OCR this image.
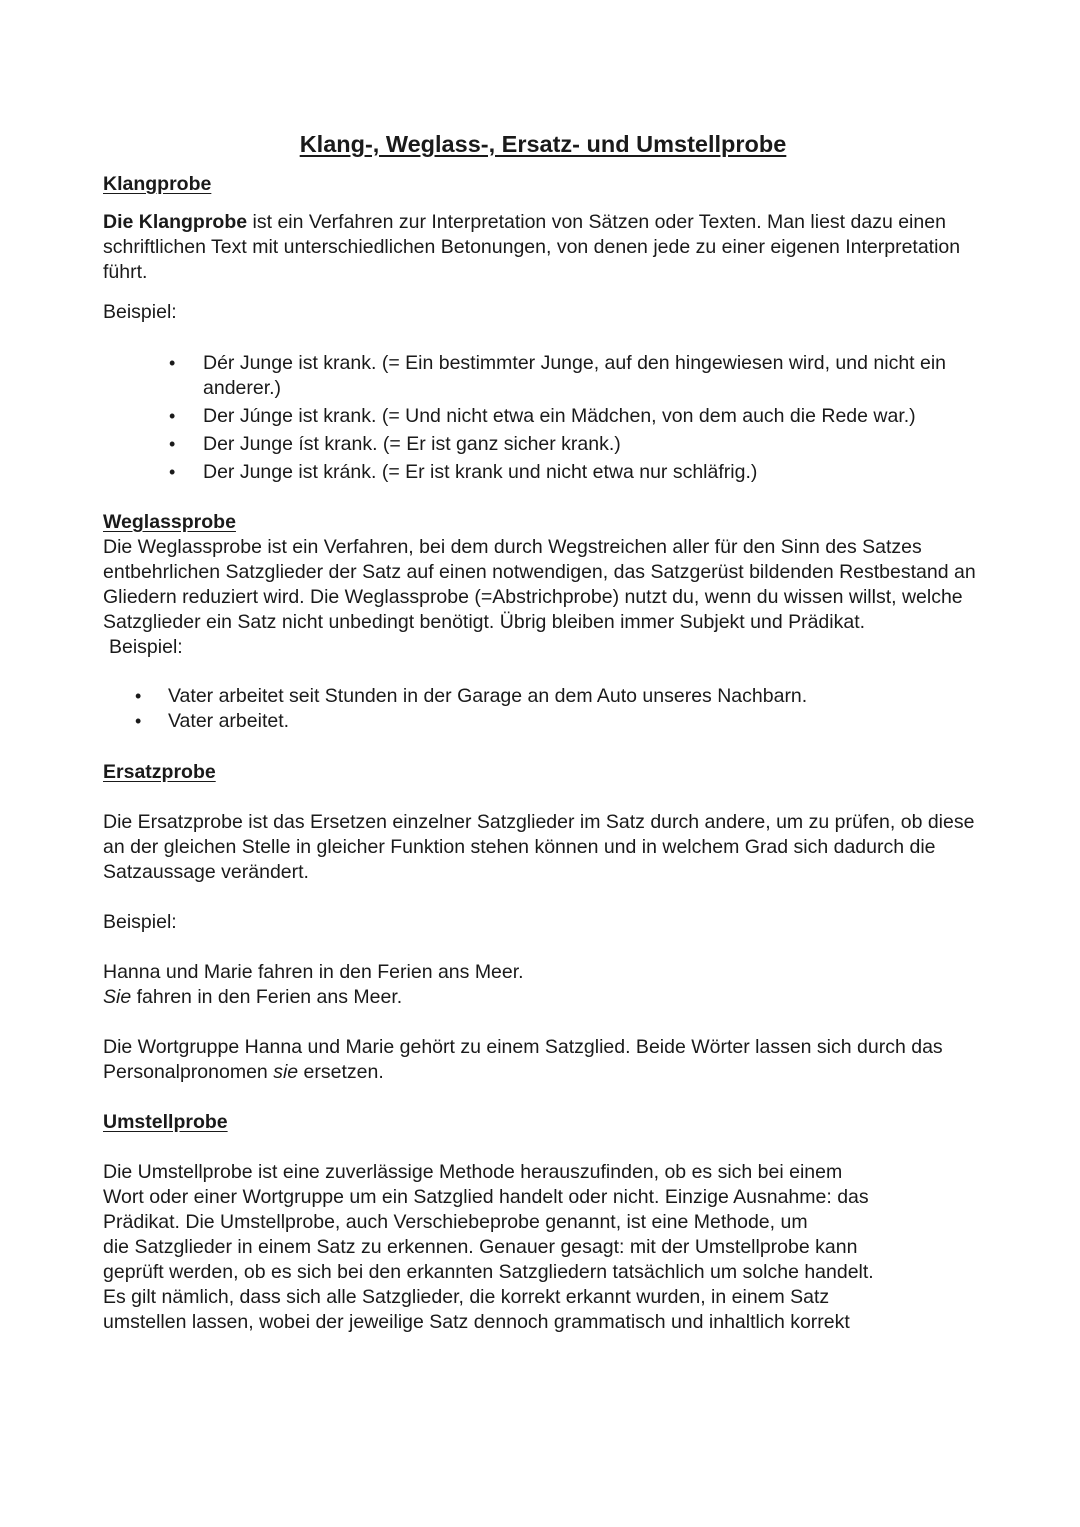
Klang-, Weglass-, Ersatz- und Umstellprobe
Klangprobe

Die Klangprobe ist ein Verfahren zur Interpretation von Sätzen oder Texten. Man liest dazu einen schriftlichen Text mit unterschiedlichen Betonungen, von denen jede zu einer eigenen Interpretation führt.

Beispiel:

• Dér Junge ist krank. (= Ein bestimmter Junge, auf den hingewiesen wird, und nicht ein anderer.)
• Der Júnge ist krank. (= Und nicht etwa ein Mädchen, von dem auch die Rede war.)
• Der Junge íst krank. (= Er ist ganz sicher krank.)
• Der Junge ist kránk. (= Er ist krank und nicht etwa nur schläfrig.)
Weglassprobe

Die Weglassprobe ist ein Verfahren, bei dem durch Wegstreichen aller für den Sinn des Satzes entbehrlichen Satzglieder der Satz auf einen notwendigen, das Satzgerüst bildenden Restbestand an Gliedern reduziert wird. Die Weglassprobe (=Abstrichprobe) nutzt du, wenn du wissen willst, welche Satzglieder ein Satz nicht unbedingt benötigt. Übrig bleiben immer Subjekt und Prädikat.

Beispiel:

• Vater arbeitet seit Stunden in der Garage an dem Auto unseres Nachbarn.
• Vater arbeitet.
Ersatzprobe

Die Ersatzprobe ist das Ersetzen einzelner Satzglieder im Satz durch andere, um zu prüfen, ob diese an der gleichen Stelle in gleicher Funktion stehen können und in welchem Grad sich dadurch die Satzaussage verändert.

Beispiel:

Hanna und Marie fahren in den Ferien ans Meer.

Sie fahren in den Ferien ans Meer.

Die Wortgruppe Hanna und Marie gehört zu einem Satzglied. Beide Wörter lassen sich durch das Personalpronomen sie ersetzen.

Umstellprobe
Die Umstellprobe ist eine zuverlässige Methode herauszufinden, ob es sich bei einem
Wort oder einer Wortgruppe um ein Satzglied handelt oder nicht. Einzige Ausnahme: das
Prädikat. Die Umstellprobe, auch Verschiebeprobe genannt, ist eine Methode, um
die Satzglieder in einem Satz zu erkennen. Genauer gesagt: mit der Umstellprobe kann
geprüft werden, ob es sich bei den erkannten Satzgliedern tatsächlich um solche handelt.
Es gilt nämlich, dass sich alle Satzglieder, die korrekt erkannt wurden, in einem Satz
umstellen lassen, wobei der jeweilige Satz dennoch grammatisch und inhaltlich korrekt
